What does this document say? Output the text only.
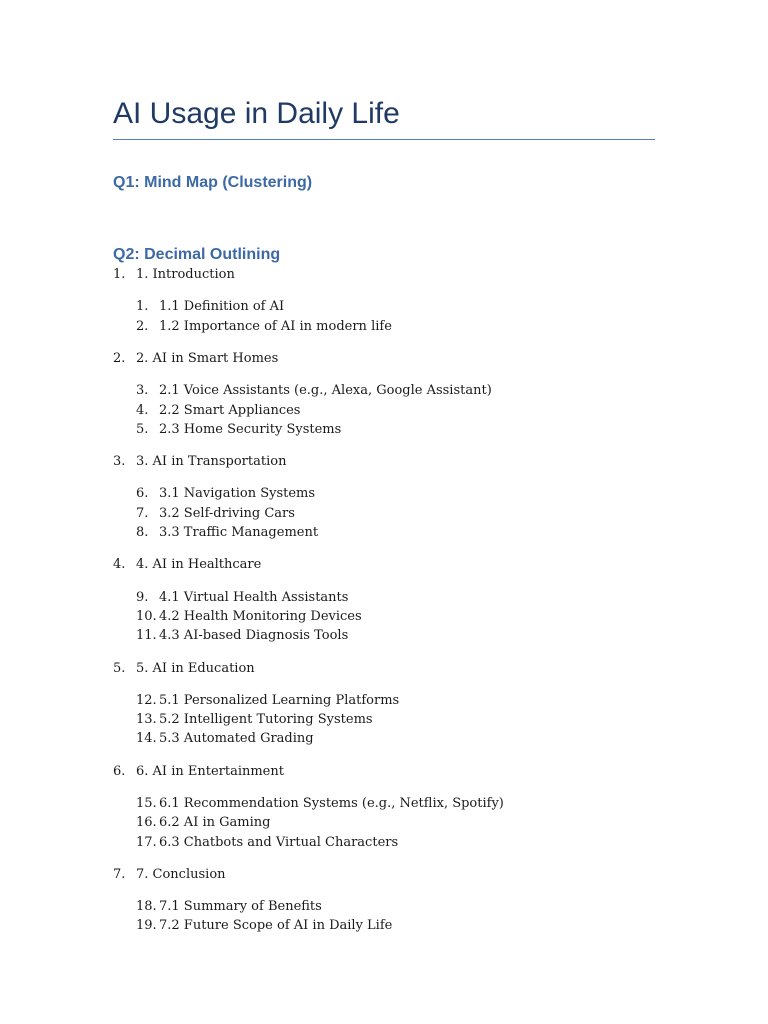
AI Usage in Daily Life
Q1: Mind Map (Clustering)
Q2: Decimal Outlining
1. 1. Introduction
1. 1.1 Definition of AI
2. 1.2 Importance of AI in modern life
2. 2. AI in Smart Homes
3. 2.1 Voice Assistants (e.g., Alexa, Google Assistant)
4. 2.2 Smart Appliances
5. 2.3 Home Security Systems
3. 3. AI in Transportation
6. 3.1 Navigation Systems
7. 3.2 Self-driving Cars
8. 3.3 Traffic Management
4. 4. AI in Healthcare
9. 4.1 Virtual Health Assistants
10. 4.2 Health Monitoring Devices
11. 4.3 AI-based Diagnosis Tools
5. 5. AI in Education
12. 5.1 Personalized Learning Platforms
13. 5.2 Intelligent Tutoring Systems
14. 5.3 Automated Grading
6. 6. AI in Entertainment
15. 6.1 Recommendation Systems (e.g., Netflix, Spotify)
16. 6.2 AI in Gaming
17. 6.3 Chatbots and Virtual Characters
7. 7. Conclusion
18. 7.1 Summary of Benefits
19. 7.2 Future Scope of AI in Daily Life
